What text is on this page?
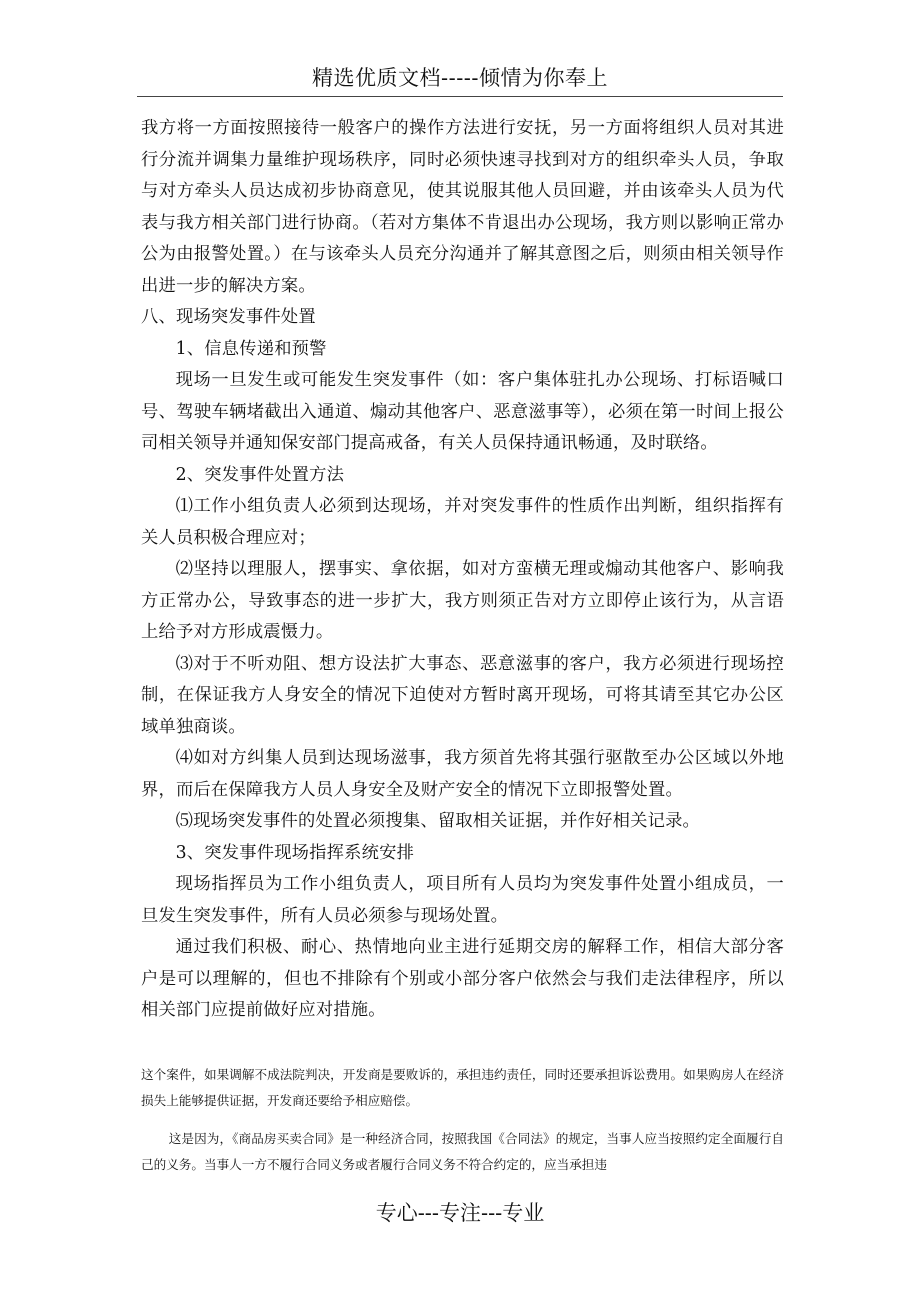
精选优质文档-----倾情为你奉上

我方将一方面按照接待一般客户的操作方法进行安抚，另一方面将组织人员对其进行分流并调集力量维护现场秩序，同时必须快速寻找到对方的组织牵头人员，争取与对方牵头人员达成初步协商意见，使其说服其他人员回避，并由该牵头人员为代表与我方相关部门进行协商。（若对方集体不肯退出办公现场，我方则以影响正常办公为由报警处置。）在与该牵头人员充分沟通并了解其意图之后，则须由相关领导作出进一步的解决方案。

八、现场突发事件处置

1、信息传递和预警

现场一旦发生或可能发生突发事件（如：客户集体驻扎办公现场、打标语喊口号、驾驶车辆堵截出入通道、煽动其他客户、恶意滋事等），必须在第一时间上报公司相关领导并通知保安部门提高戒备，有关人员保持通讯畅通，及时联络。

2、突发事件处置方法

⑴工作小组负责人必须到达现场，并对突发事件的性质作出判断，组织指挥有关人员积极合理应对；

⑵坚持以理服人，摆事实、拿依据，如对方蛮横无理或煽动其他客户、影响我方正常办公，导致事态的进一步扩大，我方则须正告对方立即停止该行为，从言语上给予对方形成震慑力。

⑶对于不听劝阻、想方设法扩大事态、恶意滋事的客户，我方必须进行现场控制，在保证我方人身安全的情况下迫使对方暂时离开现场，可将其请至其它办公区域单独商谈。

⑷如对方纠集人员到达现场滋事，我方须首先将其强行驱散至办公区域以外地界，而后在保障我方人员人身安全及财产安全的情况下立即报警处置。

⑸现场突发事件的处置必须搜集、留取相关证据，并作好相关记录。

3、突发事件现场指挥系统安排

现场指挥员为工作小组负责人，项目所有人员均为突发事件处置小组成员，一旦发生突发事件，所有人员必须参与现场处置。

通过我们积极、耐心、热情地向业主进行延期交房的解释工作，相信大部分客户是可以理解的，但也不排除有个别或小部分客户依然会与我们走法律程序，所以相关部门应提前做好应对措施。

这个案件，如果调解不成法院判决，开发商是要败诉的，承担违约责任，同时还要承担诉讼费用。如果购房人在经济损失上能够提供证据，开发商还要给予相应赔偿。

这是因为，《商品房买卖合同》是一种经济合同，按照我国《合同法》的规定，当事人应当按照约定全面履行自己的义务。当事人一方不履行合同义务或者履行合同义务不符合约定的，应当承担违

专心---专注---专业
